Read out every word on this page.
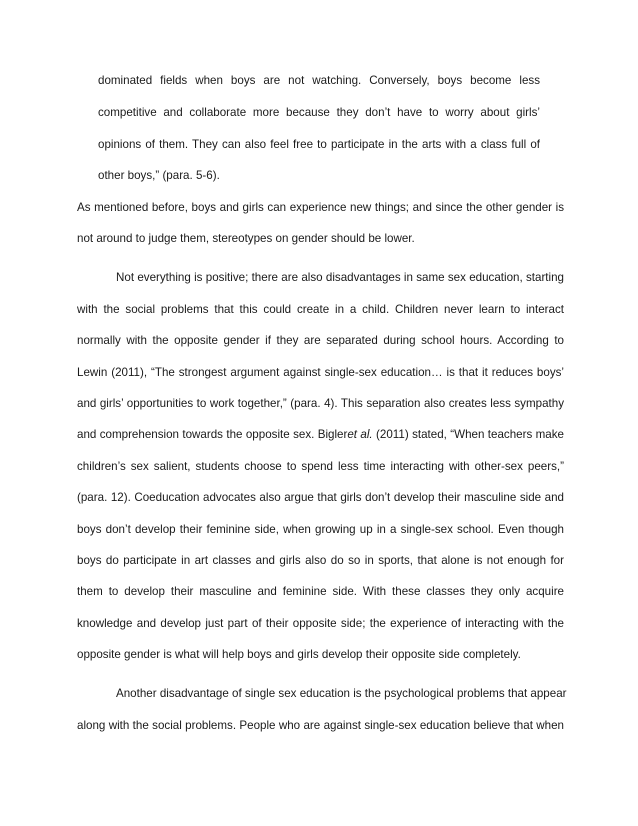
dominated fields when boys are not watching. Conversely, boys become less

competitive and collaborate more because they don’t have to worry about girls’

opinions of them. They can also feel free to participate in the arts with a class full of

other boys,” (para. 5-6).

As mentioned before, boys and girls can experience new things; and since the other gender is

not around to judge them, stereotypes on gender should be lower.

Not everything is positive; there are also disadvantages in same sex education, starting

with the social problems that this could create in a child. Children never learn to interact

normally with the opposite gender if they are separated during school hours. According to

Lewin (2011), “The strongest argument against single-sex education… is that it reduces boys’

and girls’ opportunities to work together,” (para. 4). This separation also creates less sympathy

and comprehension towards the opposite sex. Bigleret al. (2011) stated, “When teachers make

children’s sex salient, students choose to spend less time interacting with other-sex peers,”

(para. 12). Coeducation advocates also argue that girls don’t develop their masculine side and

boys don’t develop their feminine side, when growing up in a single-sex school. Even though

boys do participate in art classes and girls also do so in sports, that alone is not enough for

them to develop their masculine and feminine side. With these classes they only acquire

knowledge and develop just part of their opposite side; the experience of interacting with the

opposite gender is what will help boys and girls develop their opposite side completely.

Another disadvantage of single sex education is the psychological problems that appear

along with the social problems. People who are against single-sex education believe that when
